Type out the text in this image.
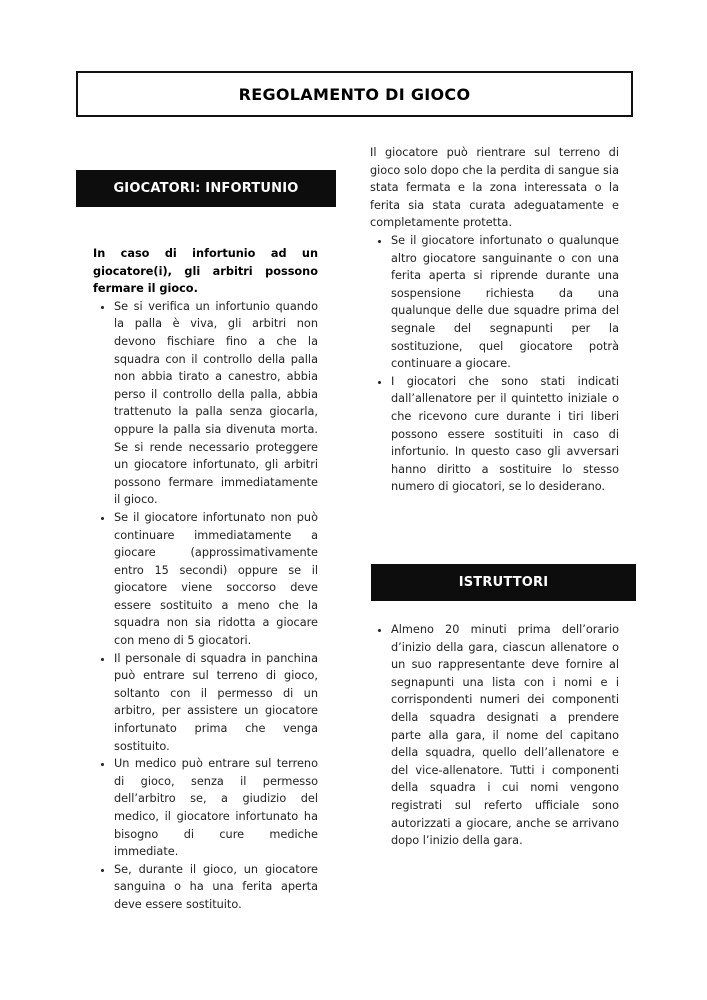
REGOLAMENTO DI GIOCO
GIOCATORI: INFORTUNIO

In caso di infortunio ad un giocatore(i), gli arbitri possono fermare il gioco.

• Se si verifica un infortunio quando la palla è viva, gli arbitri non devono fischiare fino a che la squadra con il controllo della palla non abbia tirato a canestro, abbia perso il controllo della palla, abbia trattenuto la palla senza giocarla, oppure la palla sia divenuta morta. Se si rende necessario proteggere un giocatore infortunato, gli arbitri possono fermare immediatamente il gioco.
• Se il giocatore infortunato non può continuare immediatamente a giocare (approssimativamente entro 15 secondi) oppure se il giocatore viene soccorso deve essere sostituito a meno che la squadra non sia ridotta a giocare con meno di 5 giocatori.
• Il personale di squadra in panchina può entrare sul terreno di gioco, soltanto con il permesso di un arbitro, per assistere un giocatore infortunato prima che venga sostituito.
• Un medico può entrare sul terreno di gioco, senza il permesso dell’arbitro se, a giudizio del medico, il giocatore infortunato ha bisogno di cure mediche immediate.
• Se, durante il gioco, un giocatore sanguina o ha una ferita aperta deve essere sostituito.

Il giocatore può rientrare sul terreno di gioco solo dopo che la perdita di sangue sia stata fermata e la zona interessata o la ferita sia stata curata adeguatamente e completamente protetta.

• Se il giocatore infortunato o qualunque altro giocatore sanguinante o con una ferita aperta si riprende durante una sospensione richiesta da una qualunque delle due squadre prima del segnale del segnapunti per la sostituzione, quel giocatore potrà continuare a giocare.
• I giocatori che sono stati indicati dall’allenatore per il quintetto iniziale o che ricevono cure durante i tiri liberi possono essere sostituiti in caso di infortunio. In questo caso gli avversari hanno diritto a sostituire lo stesso numero di giocatori, se lo desiderano.
ISTRUTTORI
• Almeno 20 minuti prima dell’orario d’inizio della gara, ciascun allenatore o un suo rappresentante deve fornire al segnapunti una lista con i nomi e i corrispondenti numeri dei componenti della squadra designati a prendere parte alla gara, il nome del capitano della squadra, quello dell’allenatore e del vice-allenatore. Tutti i componenti della squadra i cui nomi vengono registrati sul referto ufficiale sono autorizzati a giocare, anche se arrivano dopo l’inizio della gara.
